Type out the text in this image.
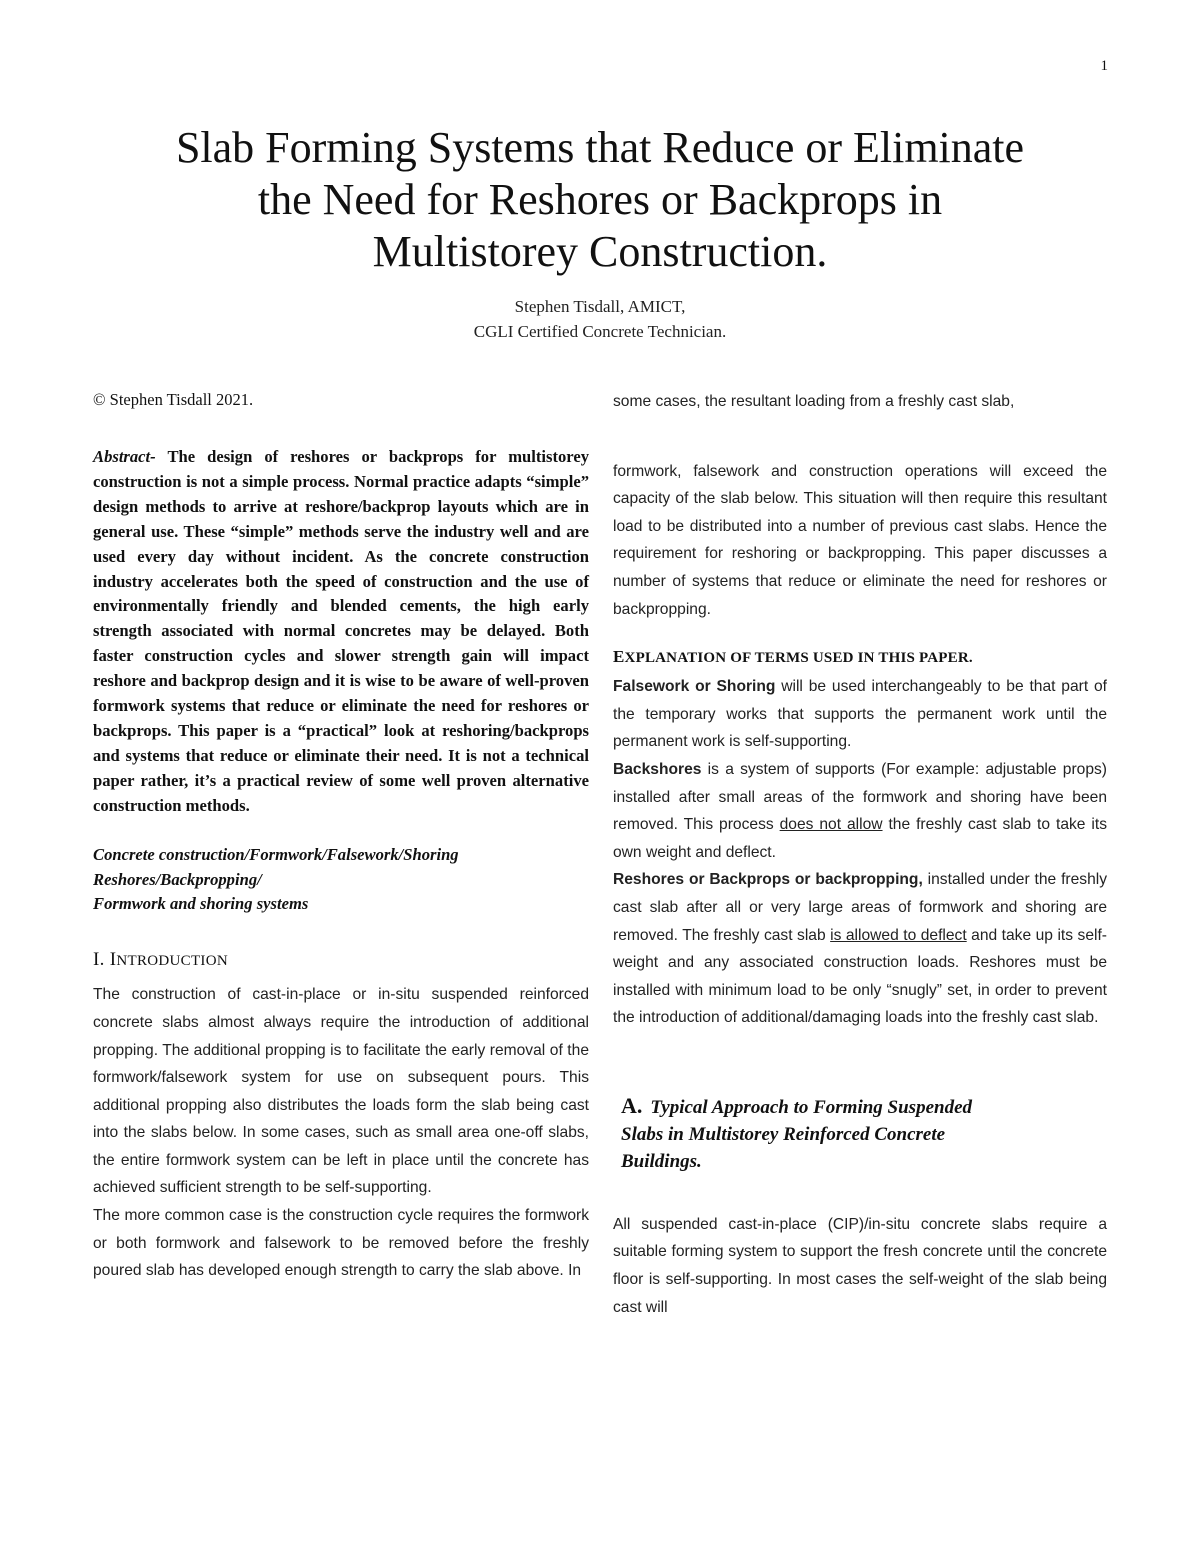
1
Slab Forming Systems that Reduce or Eliminate
the Need for Reshores or Backprops in
Multistorey Construction.
Stephen Tisdall, AMICT,
CGLI Certified Concrete Technician.

© Stephen Tisdall 2021.

Abstract- The design of reshores or backprops for multistorey construction is not a simple process. Normal practice adapts “simple” design methods to arrive at reshore/backprop layouts which are in general use. These “simple” methods serve the industry well and are used every day without incident. As the concrete construction industry accelerates both the speed of construction and the use of environmentally friendly and blended cements, the high early strength associated with normal concretes may be delayed. Both faster construction cycles and slower strength gain will impact reshore and backprop design and it is wise to be aware of well-proven formwork systems that reduce or eliminate the need for reshores or backprops. This paper is a “practical” look at reshoring/backprops and systems that reduce or eliminate their need. It is not a technical paper rather, it’s a practical review of some well proven alternative construction methods.

Concrete construction/Formwork/Falsework/Shoring
Reshores/Backpropping/
Formwork and shoring systems
I. INTRODUCTION

The construction of cast-in-place or in-situ suspended reinforced concrete slabs almost always require the introduction of additional propping. The additional propping is to facilitate the early removal of the formwork/falsework system for use on subsequent pours. This additional propping also distributes the loads form the slab being cast into the slabs below. In some cases, such as small area one-off slabs, the entire formwork system can be left in place until the concrete has achieved sufficient strength to be self-supporting.

The more common case is the construction cycle requires the formwork or both formwork and falsework to be removed before the freshly poured slab has developed enough strength to carry the slab above. In

some cases, the resultant loading from a freshly cast slab,

formwork, falsework and construction operations will exceed the capacity of the slab below. This situation will then require this resultant load to be distributed into a number of previous cast slabs. Hence the requirement for reshoring or backpropping. This paper discusses a number of systems that reduce or eliminate the need for reshores or backpropping.

EXPLANATION OF TERMS USED IN THIS PAPER.

Falsework or Shoring will be used interchangeably to be that part of the temporary works that supports the permanent work until the permanent work is self-supporting.

Backshores is a system of supports (For example: adjustable props) installed after small areas of the formwork and shoring have been removed. This process does not allow the freshly cast slab to take its own weight and deflect.

Reshores or Backprops or backpropping, installed under the freshly cast slab after all or very large areas of formwork and shoring are removed. The freshly cast slab is allowed to deflect and take up its self-weight and any associated construction loads. Reshores must be installed with minimum load to be only “snugly” set, in order to prevent the introduction of additional/damaging loads into the freshly cast slab.

A. Typical Approach to Forming Suspended
Slabs in Multistorey Reinforced Concrete
Buildings.

All suspended cast-in-place (CIP)/in-situ concrete slabs require a suitable forming system to support the fresh concrete until the concrete floor is self-supporting. In most cases the self-weight of the slab being cast will
